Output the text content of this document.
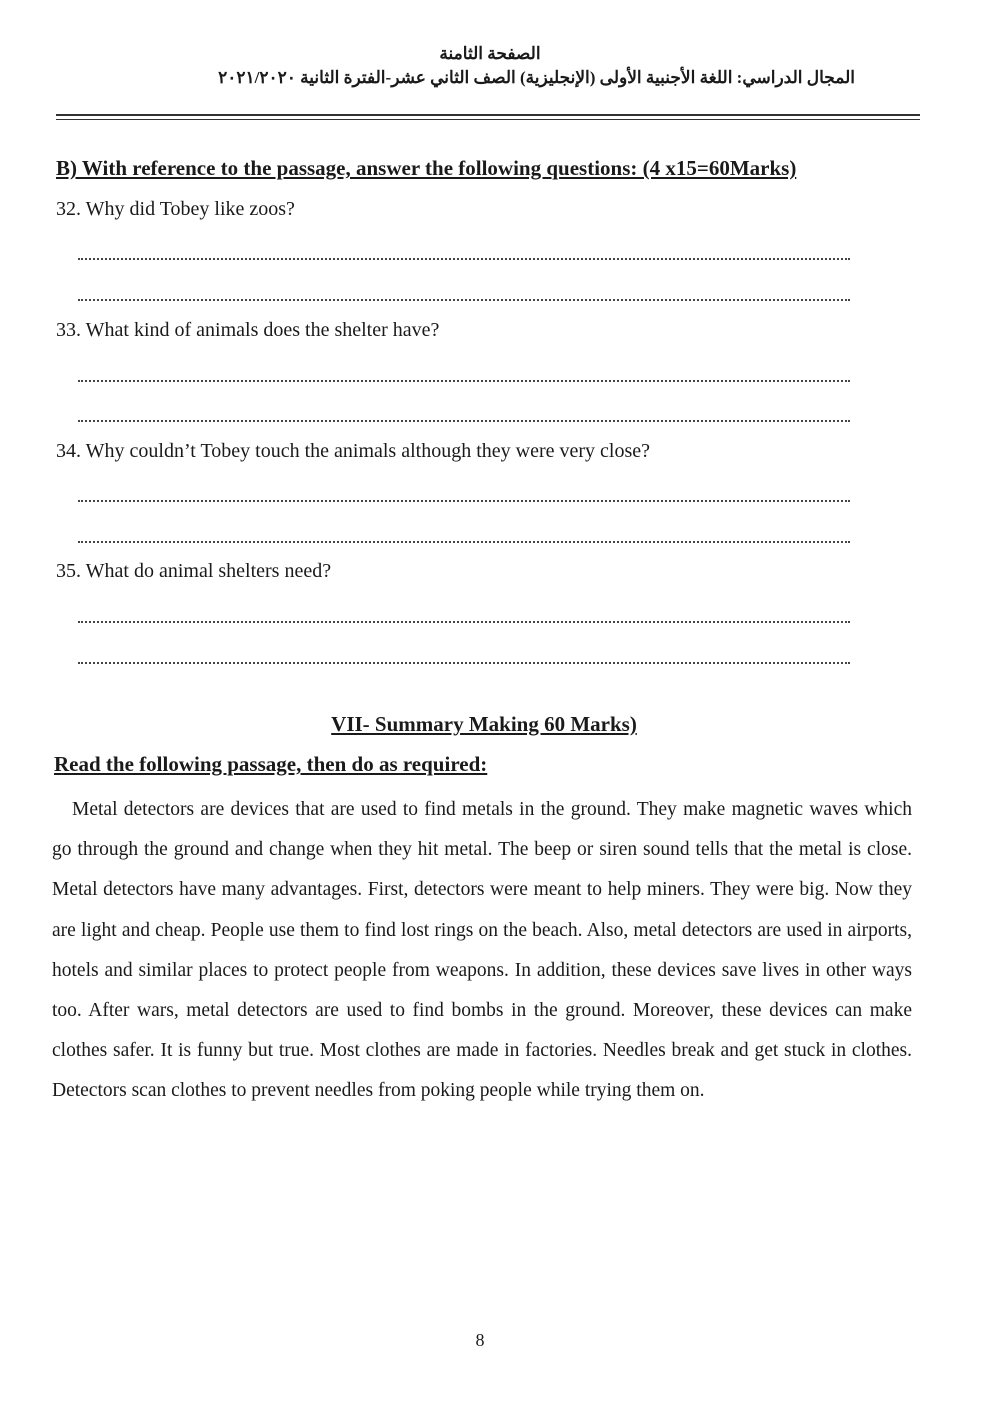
الصفحة الثامنة
المجال الدراسي: اللغة الأجنبية الأولى (الإنجليزية) الصف الثاني عشر-الفترة الثانية ٢٠٢١/٢٠٢٠
B) With reference to the passage, answer the following questions: (4 x15=60Marks)
32. Why did Tobey like zoos?
33. What kind of animals does the shelter have?
34. Why couldn’t Tobey touch the animals although they were very close?
35. What do animal shelters need?
VII- Summary Making 60 Marks)
Read the following passage, then do as required:
Metal detectors are devices that are used to find metals in the ground. They make magnetic waves which go through the ground and change when they hit metal. The beep or siren sound tells that the metal is close. Metal detectors have many advantages. First, detectors were meant to help miners. They were big. Now they are light and cheap. People use them to find lost rings on the beach. Also, metal detectors are used in airports, hotels and similar places to protect people from weapons. In addition, these devices save lives in other ways too. After wars, metal detectors are used to find bombs in the ground. Moreover, these devices can make clothes safer. It is funny but true. Most clothes are made in factories. Needles break and get stuck in clothes. Detectors scan clothes to prevent needles from poking people while trying them on.
8
